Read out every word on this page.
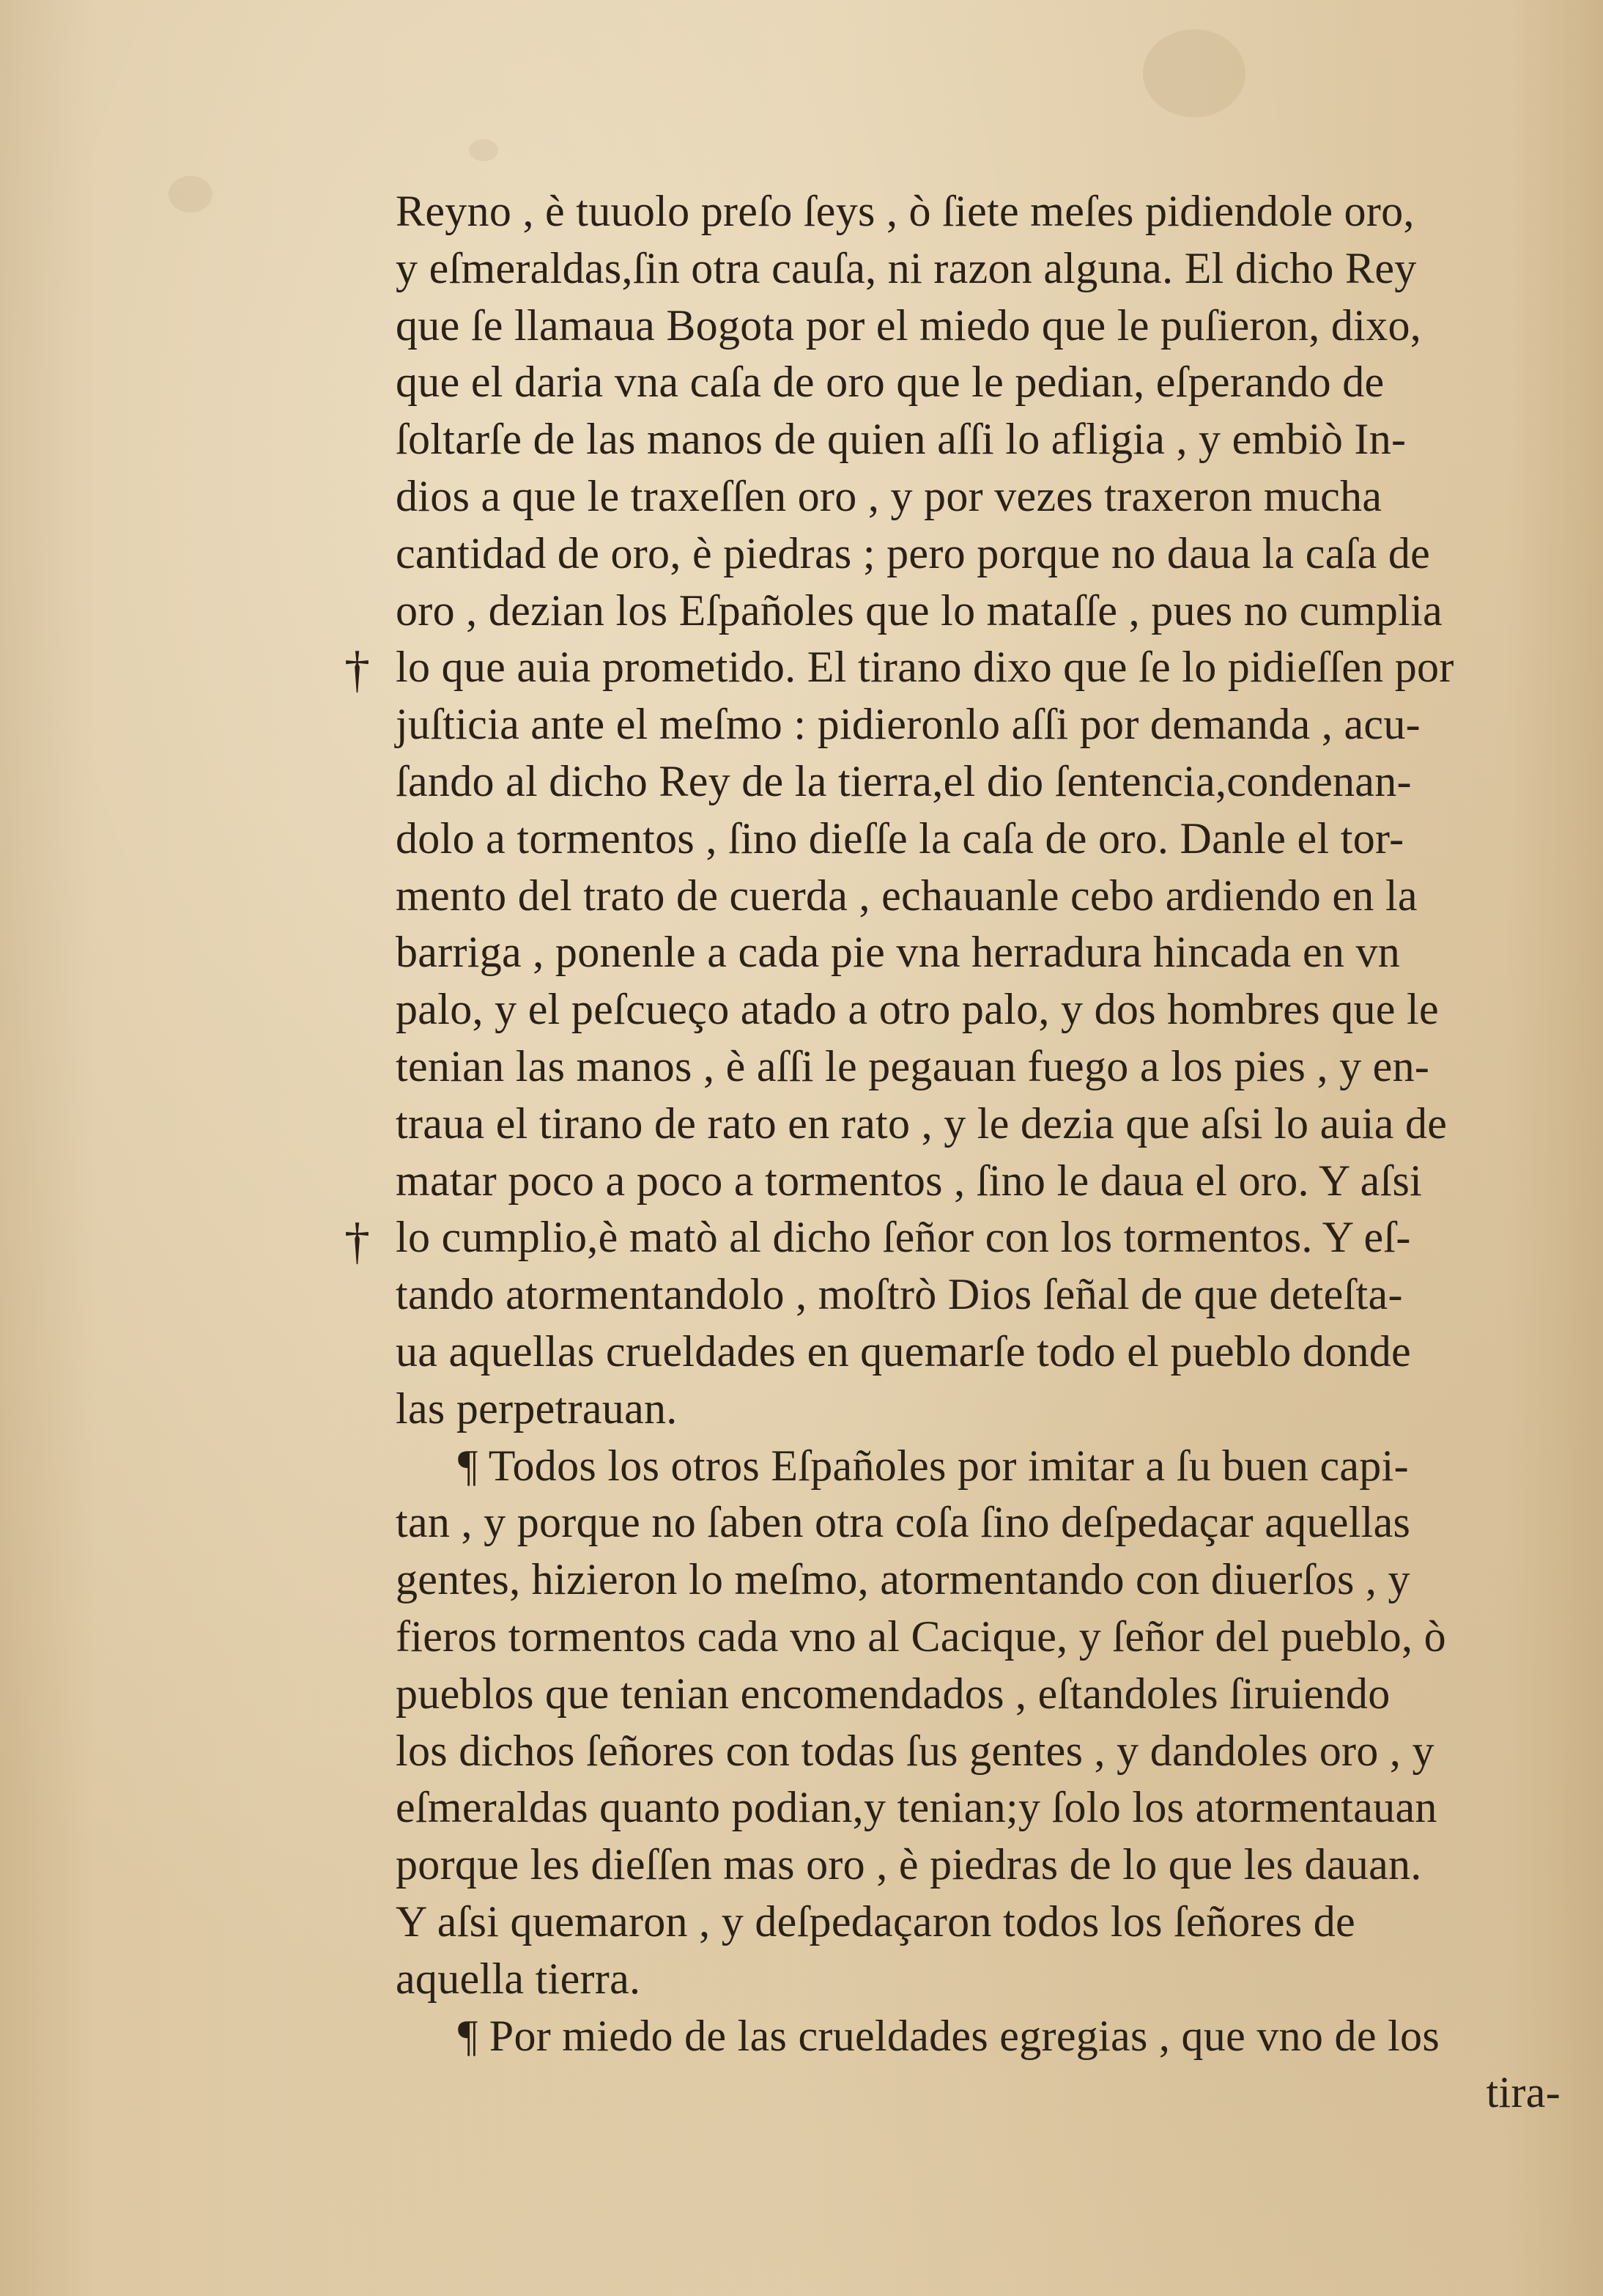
†
†
Reyno , è tuuolo preſo ſeys , ò ſiete meſes pidiendole oro,
y eſmeraldas,ſin otra cauſa, ni razon alguna. El dicho Rey
que ſe llamaua Bogota por el miedo que le puſieron, dixo,
que el daria vna caſa de oro que le pedian, eſperando de
ſoltarſe de las manos de quien aſſi lo afligia , y embiò In-
dios a que le traxeſſen oro , y por vezes traxeron mucha
cantidad de oro, è piedras ; pero porque no daua la caſa de
oro , dezian los Eſpañoles que lo mataſſe , pues no cumplia
lo que auia prometido. El tirano dixo que ſe lo pidieſſen por
juſticia ante el meſmo : pidieronlo aſſi por demanda , acu-
ſando al dicho Rey de la tierra,el dio ſentencia,condenan-
dolo a tormentos , ſino dieſſe la caſa de oro. Danle el tor-
mento del trato de cuerda , echauanle cebo ardiendo en la
barriga , ponenle a cada pie vna herradura hincada en vn
palo, y el peſcueço atado a otro palo, y dos hombres que le
tenian las manos , è aſſi le pegauan fuego a los pies , y en-
traua el tirano de rato en rato , y le dezia que aſsi lo auia de
matar poco a poco a tormentos , ſino le daua el oro. Y aſsi
lo cumplio,è matò al dicho ſeñor con los tormentos. Y eſ-
tando atormentandolo , moſtrò Dios ſeñal de que deteſta-
ua aquellas crueldades en quemarſe todo el pueblo donde
las perpetrauan.
¶ Todos los otros Eſpañoles por imitar a ſu buen capi-
tan , y porque no ſaben otra coſa ſino deſpedaçar aquellas
gentes, hizieron lo meſmo, atormentando con diuerſos , y
fieros tormentos cada vno al Cacique, y ſeñor del pueblo, ò
pueblos que tenian encomendados , eſtandoles ſiruiendo
los dichos ſeñores con todas ſus gentes , y dandoles oro , y
eſmeraldas quanto podian,y tenian;y ſolo los atormentauan
porque les dieſſen mas oro , è piedras de lo que les dauan.
Y aſsi quemaron , y deſpedaçaron todos los ſeñores de
aquella tierra.
¶ Por miedo de las crueldades egregias , que vno de los
tira-
